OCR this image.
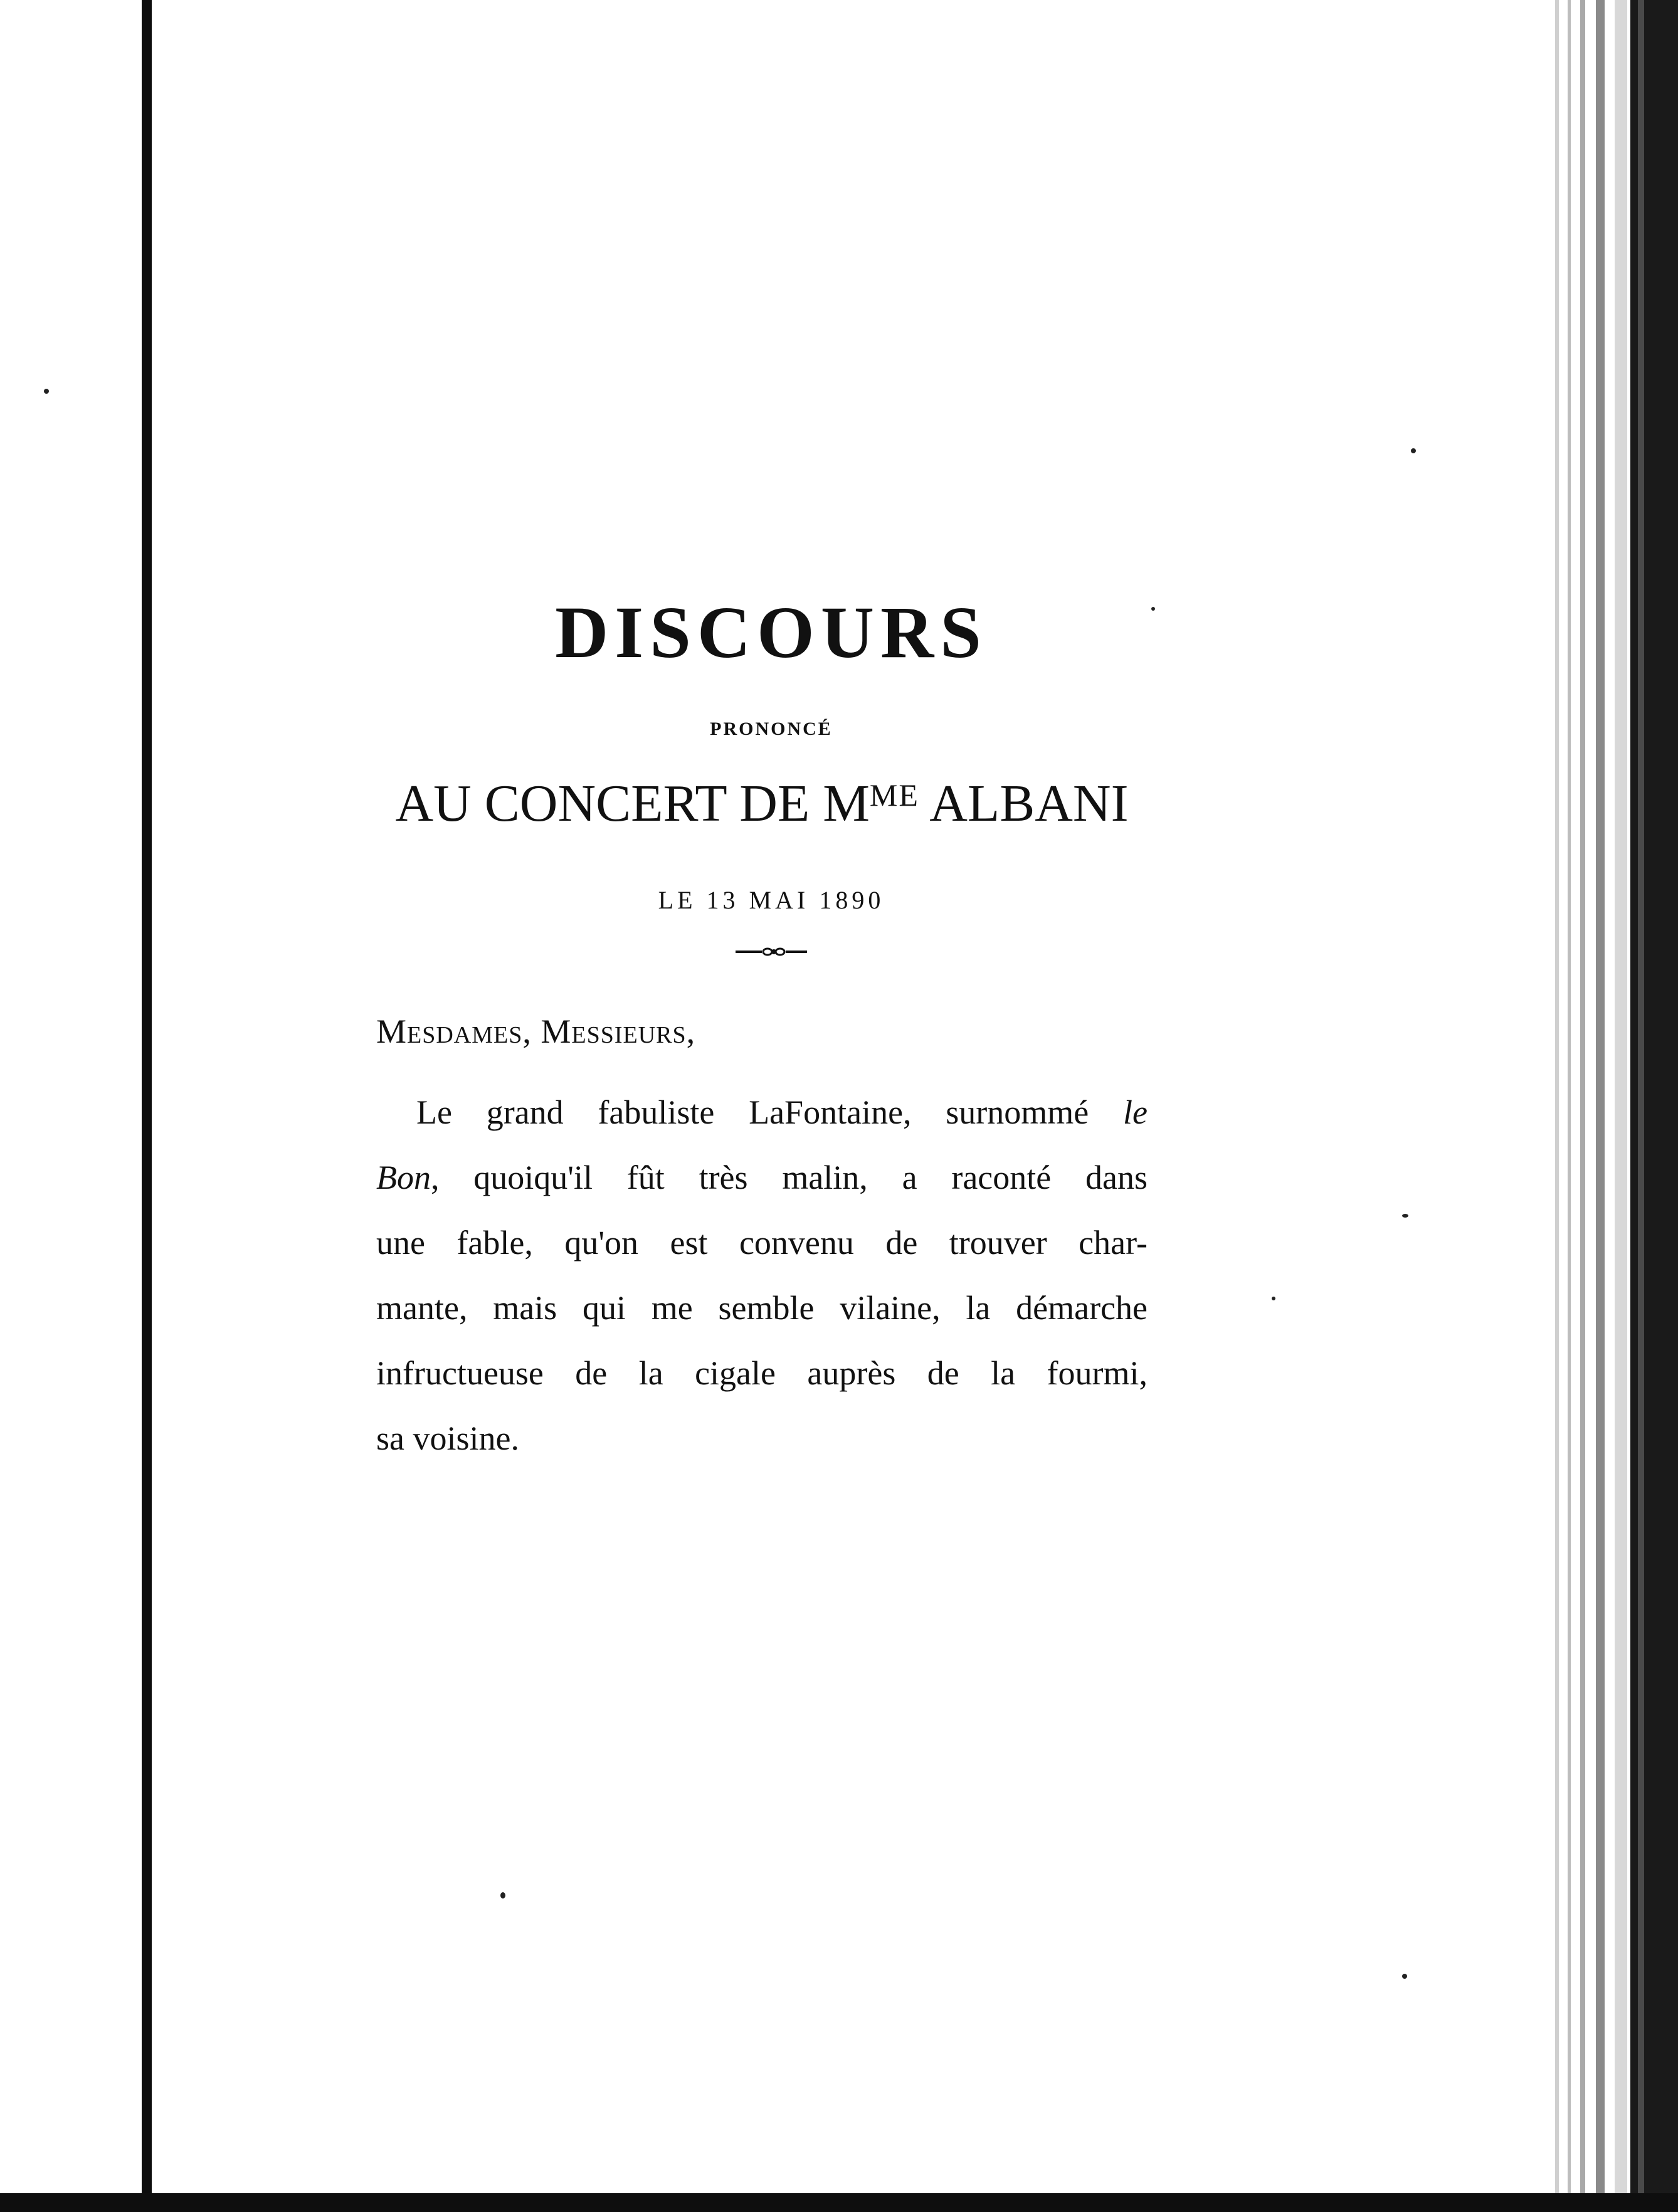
DISCOURS
PRONONCÉ
AU CONCERT DE $M^{ME}$ ALBANI
LE 13 MAI 1890
Mesdames, Messieurs,
Le grand fabuliste LaFontaine, surnommé le
Bon, quoiqu'il fût très malin, a raconté dans
une fable, qu'on est convenu de trouver char-
mante, mais qui me semble vilaine, la démarche
infructueuse de la cigale auprès de la fourmi,
sa voisine.
